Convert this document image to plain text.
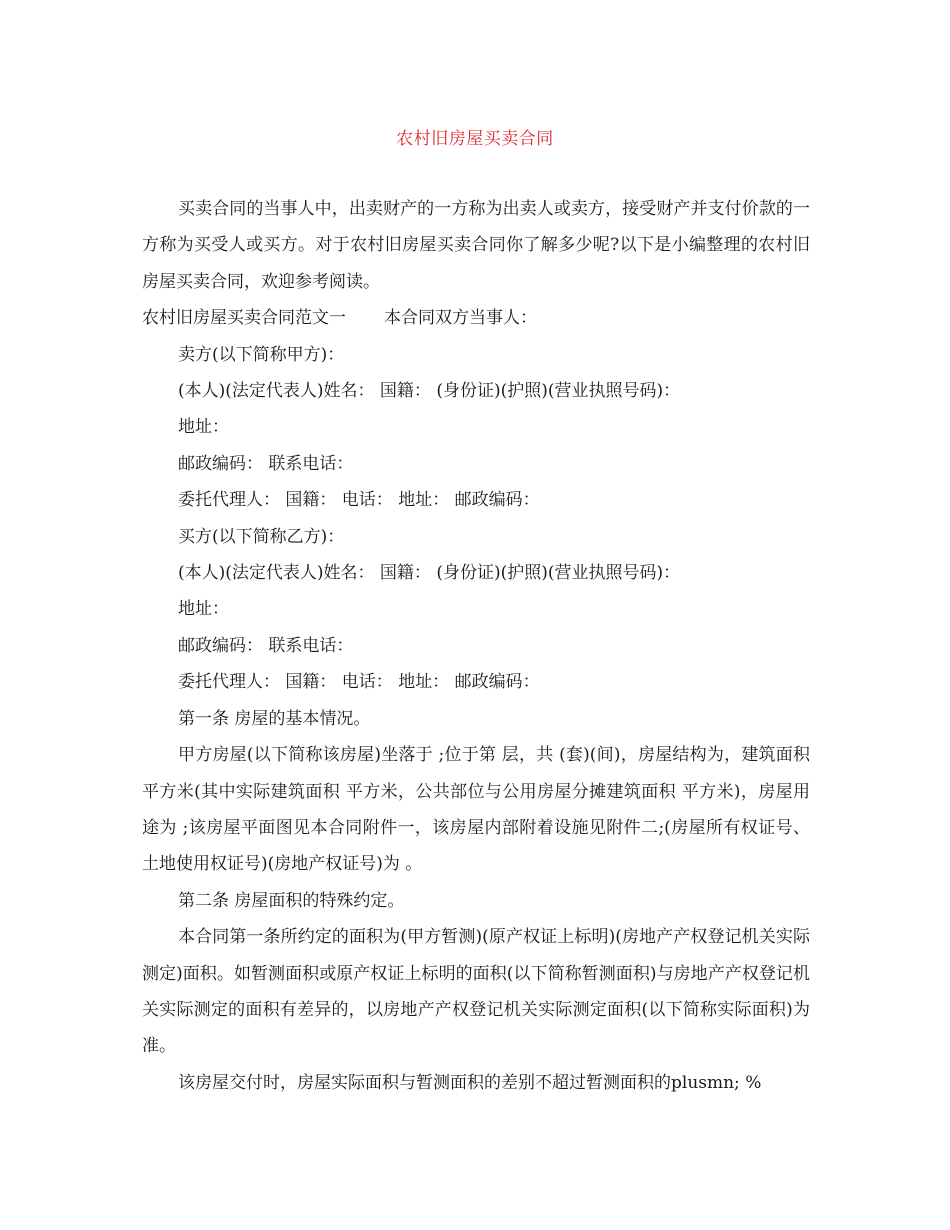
农村旧房屋买卖合同

买卖合同的当事人中，出卖财产的一方称为出卖人或卖方，接受财产并支付价款的一方称为买受人或买方。对于农村旧房屋买卖合同你了解多少呢?以下是小编整理的农村旧房屋买卖合同，欢迎参考阅读。

农村旧房屋买卖合同范文一 本合同双方当事人：

卖方(以下简称甲方)：

(本人)(法定代表人)姓名： 国籍： (身份证)(护照)(营业执照号码)：

地址：

邮政编码： 联系电话：

委托代理人： 国籍： 电话： 地址： 邮政编码：

买方(以下简称乙方)：

(本人)(法定代表人)姓名： 国籍： (身份证)(护照)(营业执照号码)：

地址：

邮政编码： 联系电话：

委托代理人： 国籍： 电话： 地址： 邮政编码：

第一条 房屋的基本情况。

甲方房屋(以下简称该房屋)坐落于 ;位于第 层，共 (套)(间)，房屋结构为，建筑面积 平方米(其中实际建筑面积 平方米，公共部位与公用房屋分摊建筑面积 平方米)，房屋用途为 ;该房屋平面图见本合同附件一，该房屋内部附着设施见附件二;(房屋所有权证号、土地使用权证号)(房地产权证号)为 。

第二条 房屋面积的特殊约定。

本合同第一条所约定的面积为(甲方暂测)(原产权证上标明)(房地产产权登记机关实际测定)面积。如暂测面积或原产权证上标明的面积(以下简称暂测面积)与房地产产权登记机关实际测定的面积有差异的，以房地产产权登记机关实际测定面积(以下简称实际面积)为准。

该房屋交付时，房屋实际面积与暂测面积的差别不超过暂测面积的plusmn; %
